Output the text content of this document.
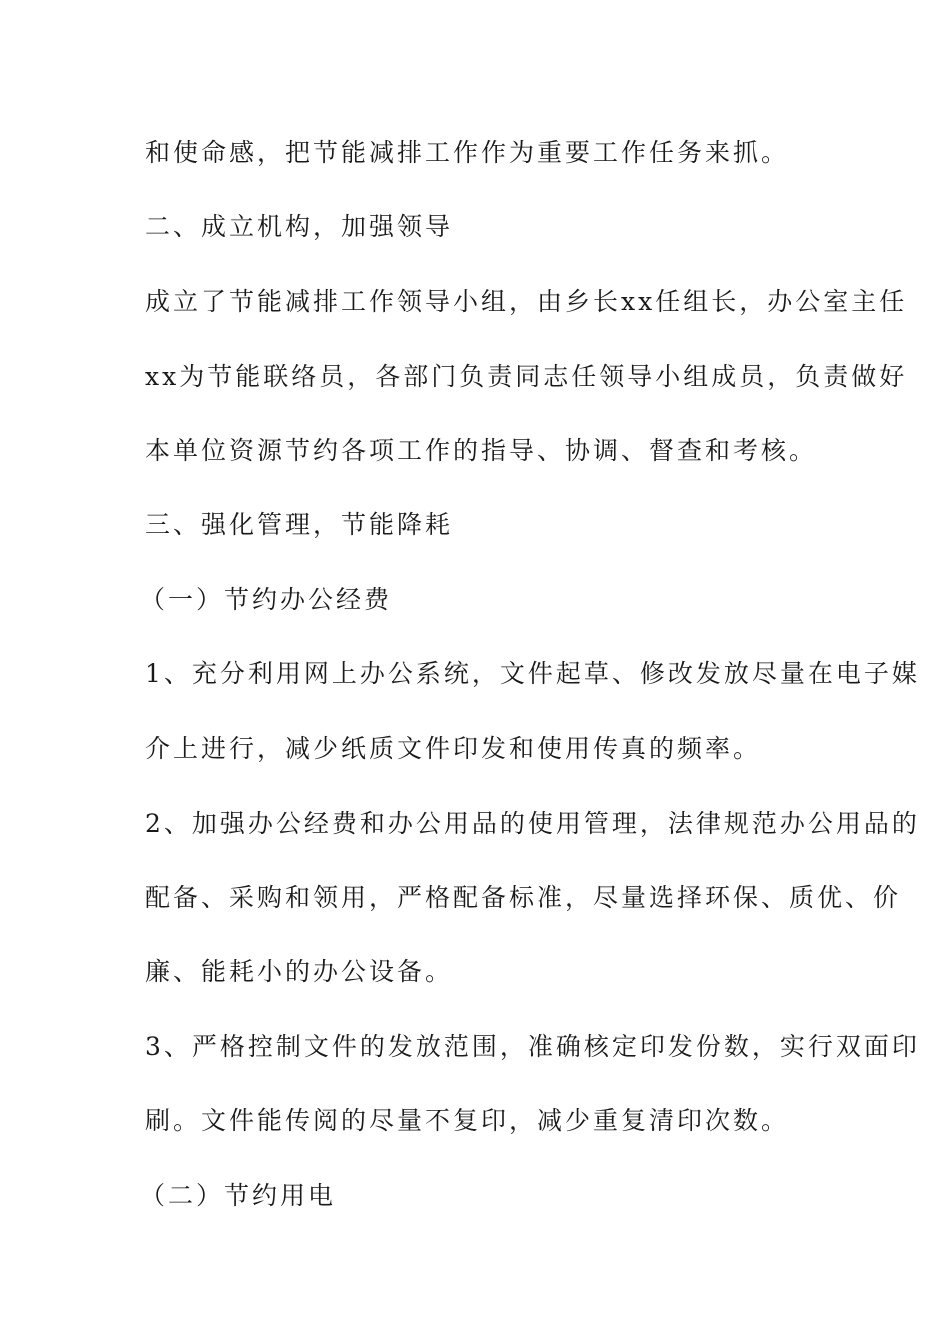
和使命感，把节能减排工作作为重要工作任务来抓。
二、成立机构，加强领导
成立了节能减排工作领导小组，由乡长xx任组长，办公室主任
xx为节能联络员，各部门负责同志任领导小组成员，负责做好
本单位资源节约各项工作的指导、协调、督查和考核。
三、强化管理，节能降耗
（一）节约办公经费
1、充分利用网上办公系统，文件起草、修改发放尽量在电子媒
介上进行，减少纸质文件印发和使用传真的频率。
2、加强办公经费和办公用品的使用管理，法律规范办公用品的
配备、采购和领用，严格配备标准，尽量选择环保、质优、价
廉、能耗小的办公设备。
3、严格控制文件的发放范围，准确核定印发份数，实行双面印
刷。文件能传阅的尽量不复印，减少重复清印次数。
（二）节约用电
